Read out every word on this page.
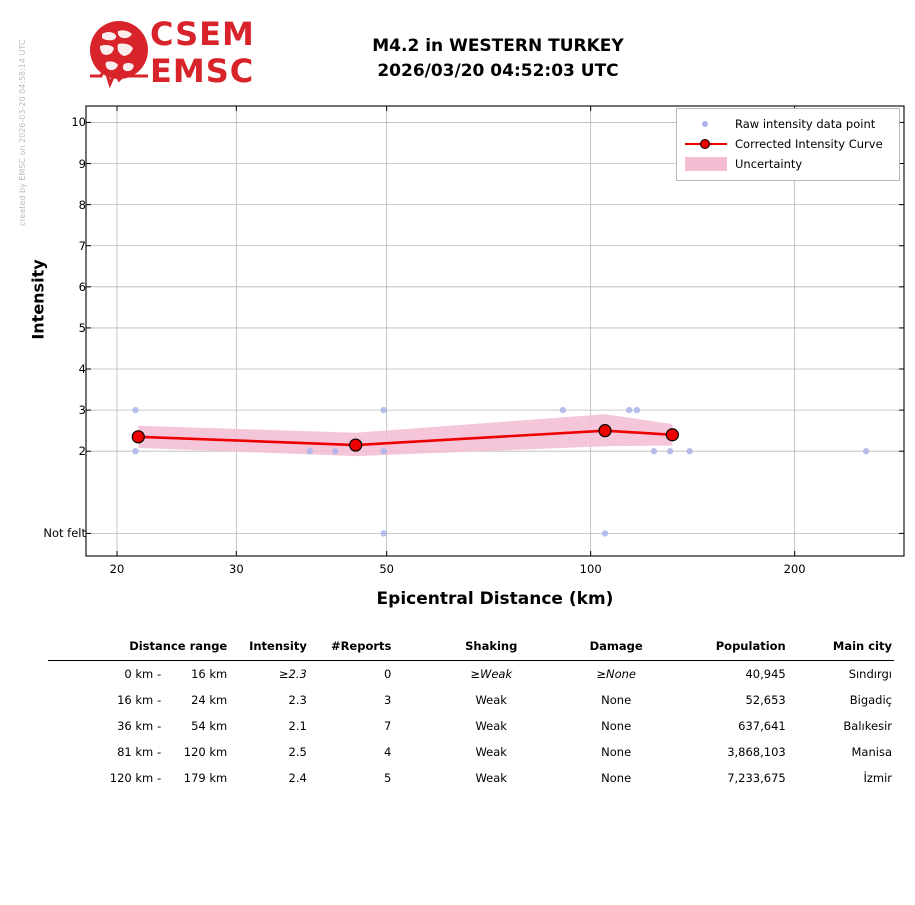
created by EMSC on 2026-03-20 04:58:14 UTC
CSEM
EMSC
M4.2 in WESTERN TURKEY
2026/03/20 04:52:03 UTC
Intensity
Epicentral Distance (km)
Not felt
2
3
4
5
6
7
8
9
10
20	30	50	100	200
Raw intensity data point
Corrected Intensity Curve
Uncertainty
Distance range	Intensity	#Reports	Shaking	Damage	Population	Main city
0 km - 16 km	≥2.3	0	≥Weak	≥None	40,945	Sındırgı
16 km - 24 km	2.3	3	Weak	None	52,653	Bigadiç
36 km - 54 km	2.1	7	Weak	None	637,641	Balıkesir
81 km - 120 km	2.5	4	Weak	None	3,868,103	Manisa
120 km - 179 km	2.4	5	Weak	None	7,233,675	İzmir
